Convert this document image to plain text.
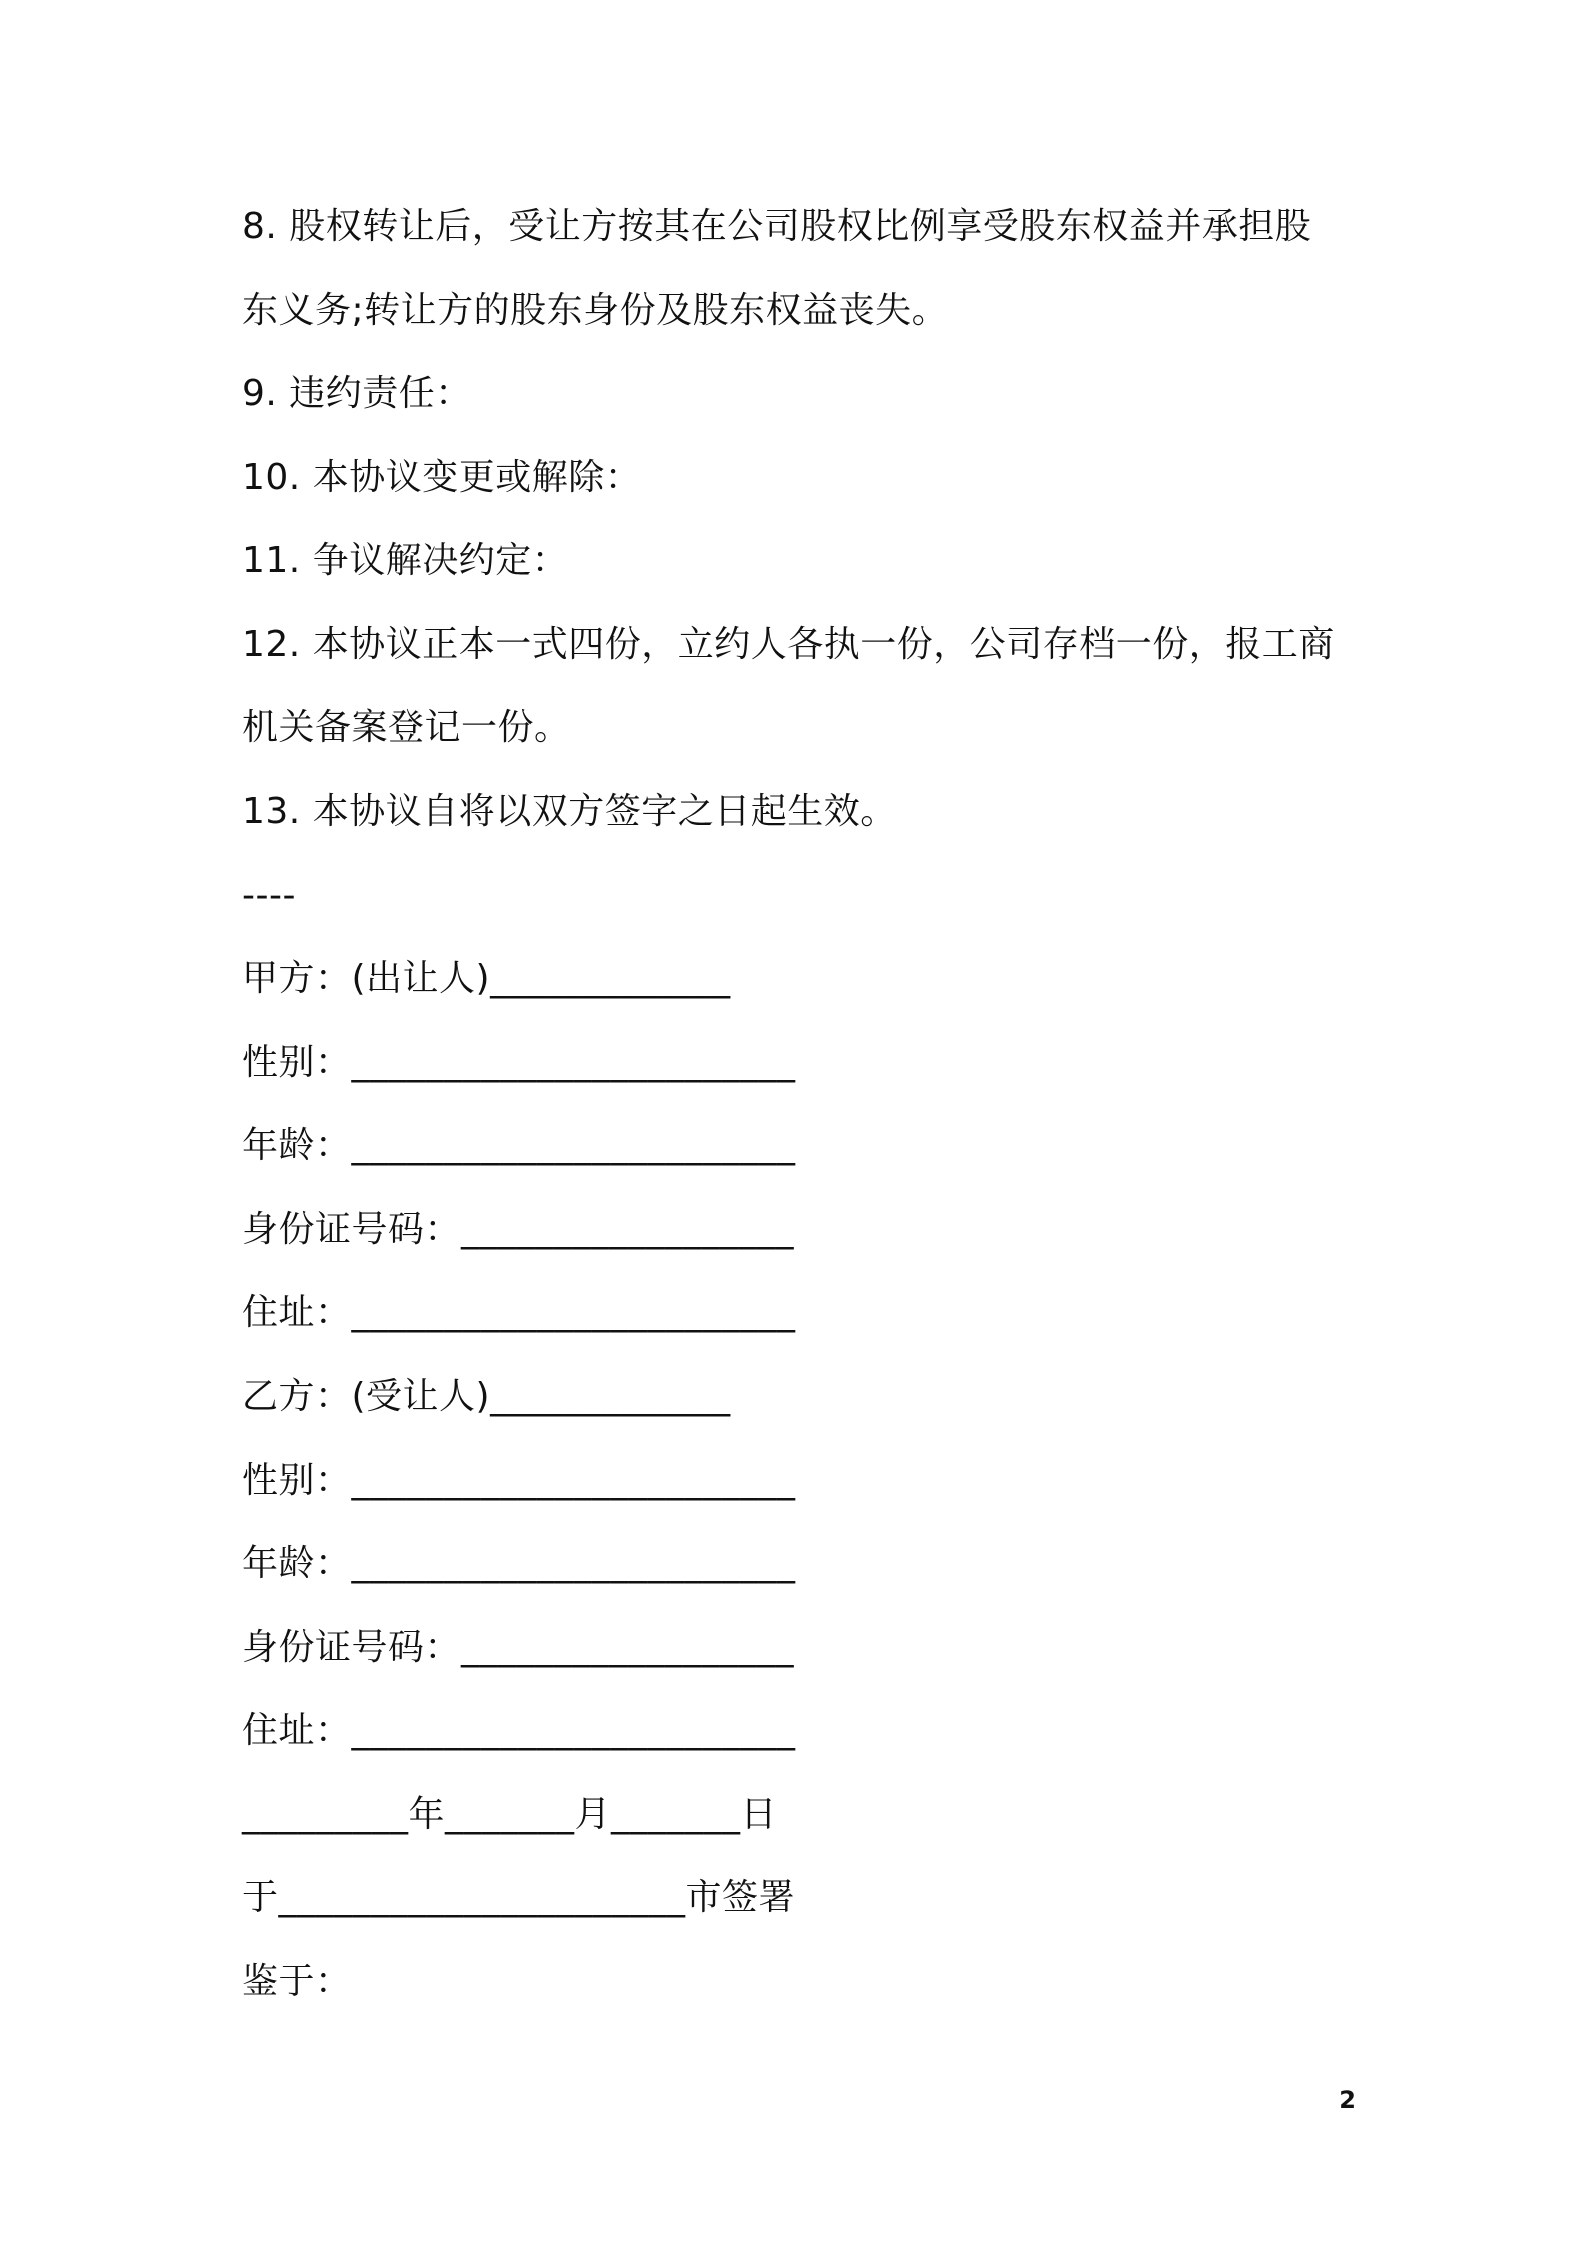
8. 股权转让后，受让方按其在公司股权比例享受股东权益并承担股
东义务;转让方的股东身份及股东权益丧失。
9. 违约责任：
10. 本协议变更或解除：
11. 争议解决约定：
12. 本协议正本一式四份，立约人各执一份，公司存档一份，报工商
机关备案登记一份。
13. 本协议自将以双方签字之日起生效。
----
甲方：(出让人)_____________
性别：________________________
年龄：________________________
身份证号码：__________________
住址：________________________
乙方：(受让人)_____________
性别：________________________
年龄：________________________
身份证号码：__________________
住址：________________________
_________年_______月_______日
于______________________市签署
鉴于：
2
